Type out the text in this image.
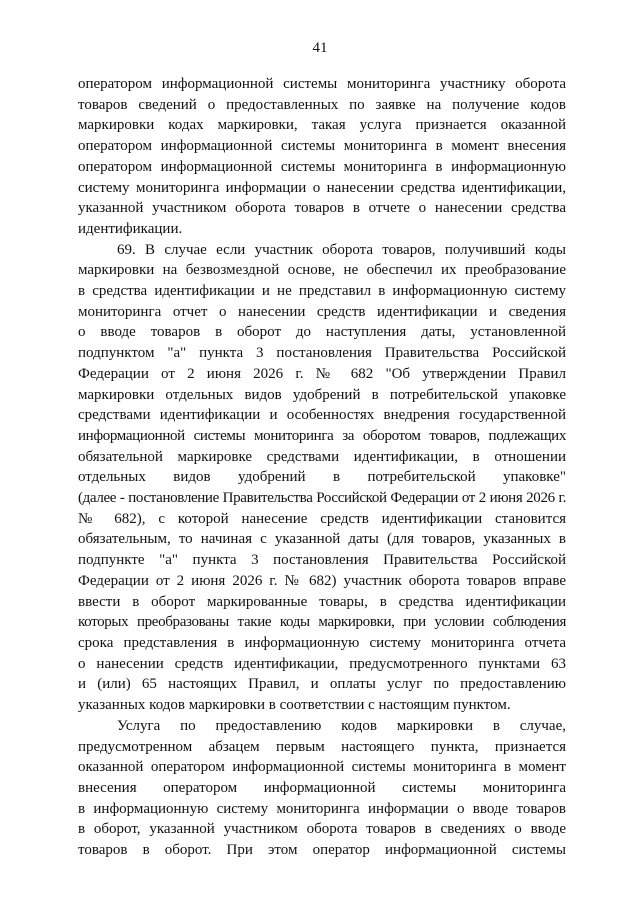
41

оператором информационной системы мониторинга участнику оборота
товаров сведений о предоставленных по заявке на получение кодов
маркировки кодах маркировки, такая услуга признается оказанной
оператором информационной системы мониторинга в момент внесения
оператором информационной системы мониторинга в информационную
систему мониторинга информации о нанесении средства идентификации,
указанной участником оборота товаров в отчете о нанесении средства
идентификации.

69. В случае если участник оборота товаров, получивший коды
маркировки на безвозмездной основе, не обеспечил их преобразование
в средства идентификации и не представил в информационную систему
мониторинга отчет о нанесении средств идентификации и сведения
о вводе товаров в оборот до наступления даты, установленной
подпунктом "а" пункта 3 постановления Правительства Российской
Федерации от 2 июня 2026 г. № 682 "Об утверждении Правил
маркировки отдельных видов удобрений в потребительской упаковке
средствами идентификации и особенностях внедрения государственной
информационной системы мониторинга за оборотом товаров, подлежащих
обязательной маркировке средствами идентификации, в отношении
отдельных видов удобрений в потребительской упаковке"
(далее - постановление Правительства Российской Федерации от 2 июня 2026 г.
№ 682), с которой нанесение средств идентификации становится
обязательным, то начиная с указанной даты (для товаров, указанных в
подпункте "а" пункта 3 постановления Правительства Российской
Федерации от 2 июня 2026 г. № 682) участник оборота товаров вправе
ввести в оборот маркированные товары, в средства идентификации
которых преобразованы такие коды маркировки, при условии соблюдения
срока представления в информационную систему мониторинга отчета
о нанесении средств идентификации, предусмотренного пунктами 63
и (или) 65 настоящих Правил, и оплаты услуг по предоставлению
указанных кодов маркировки в соответствии с настоящим пунктом.

Услуга по предоставлению кодов маркировки в случае,
предусмотренном абзацем первым настоящего пункта, признается
оказанной оператором информационной системы мониторинга в момент
внесения оператором информационной системы мониторинга
в информационную систему мониторинга информации о вводе товаров
в оборот, указанной участником оборота товаров в сведениях о вводе
товаров в оборот. При этом оператор информационной системы
